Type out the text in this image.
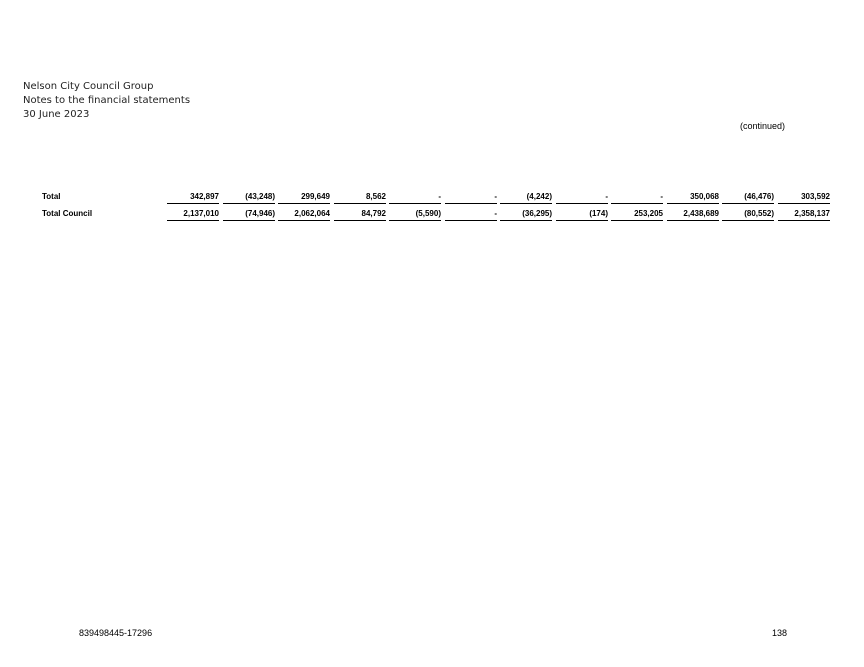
Nelson City Council Group
Notes to the financial statements
30 June 2023
(continued)
Total	342,897	(43,248)	299,649	8,562	-	-	(4,242)	-	-	350,068	(46,476)	303,592
Total Council	2,137,010	(74,946)	2,062,064	84,792	(5,590)	-	(36,295)	(174)	253,205	2,438,689	(80,552)	2,358,137
839498445-17296	138
